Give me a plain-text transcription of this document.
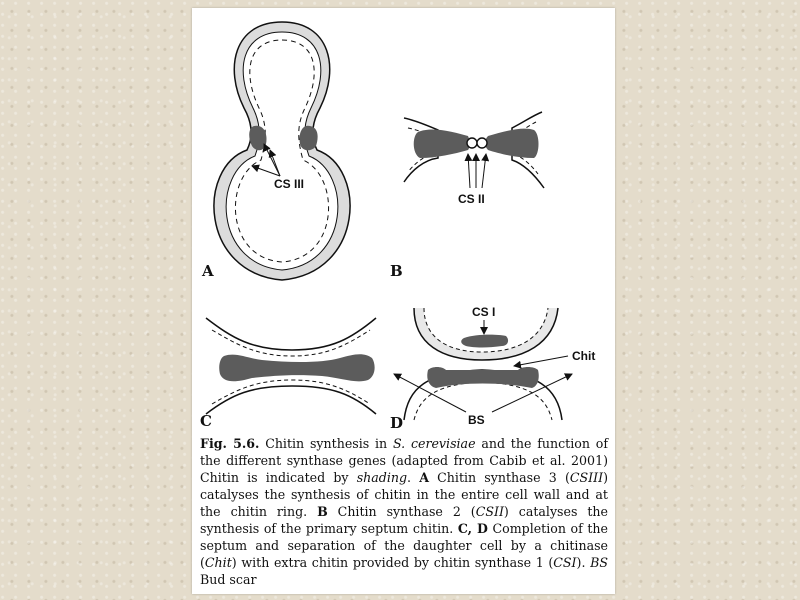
CS III
A
CS II
B
C
CS I
Chit
BS
D
Fig. 5.6. Chitin synthesis in S. cerevisiae and the function of the different synthase genes (adapted from Cabib et al. 2001) Chitin is indicated by shading. A Chitin synthase 3 (CSIII) catalyses the synthesis of chitin in the entire cell wall and at the chitin ring. B Chitin synthase 2 (CSII) catalyses the synthesis of the primary septum chitin. C, D Completion of the septum and separation of the daughter cell by a chitinase (Chit) with extra chitin provided by chitin synthase 1 (CSI). BS Bud scar
